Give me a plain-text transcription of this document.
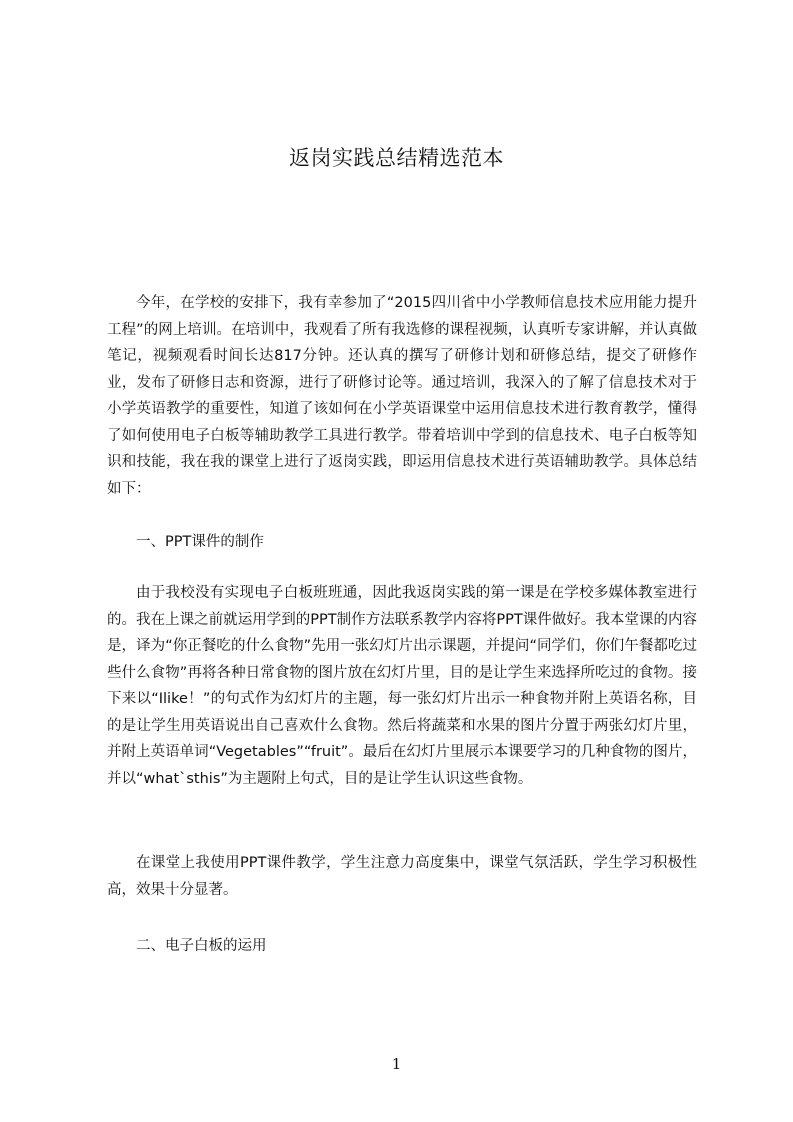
返岗实践总结精选范本

今年，在学校的安排下，我有幸参加了“2015四川省中小学教师信息技术应用能力提升工程”的网上培训。在培训中，我观看了所有我选修的课程视频，认真听专家讲解，并认真做笔记，视频观看时间长达817分钟。还认真的撰写了研修计划和研修总结，提交了研修作业，发布了研修日志和资源，进行了研修讨论等。通过培训，我深入的了解了信息技术对于小学英语教学的重要性，知道了该如何在小学英语课堂中运用信息技术进行教育教学，懂得了如何使用电子白板等辅助教学工具进行教学。带着培训中学到的信息技术、电子白板等知识和技能，我在我的课堂上进行了返岗实践，即运用信息技术进行英语辅助教学。具体总结如下：

一、PPT课件的制作

由于我校没有实现电子白板班班通，因此我返岗实践的第一课是在学校多媒体教室进行的。我在上课之前就运用学到的PPT制作方法联系教学内容将PPT课件做好。我本堂课的内容是，译为“你正餐吃的什么食物”先用一张幻灯片出示课题，并提问“同学们，你们午餐都吃过些什么食物”再将各种日常食物的图片放在幻灯片里，目的是让学生来选择所吃过的食物。接下来以“Ilike！”的句式作为幻灯片的主题，每一张幻灯片出示一种食物并附上英语名称，目的是让学生用英语说出自己喜欢什么食物。然后将蔬菜和水果的图片分置于两张幻灯片里，并附上英语单词“Vegetables”“fruit”。最后在幻灯片里展示本课要学习的几种食物的图片，并以“what`sthis”为主题附上句式，目的是让学生认识这些食物。

在课堂上我使用PPT课件教学，学生注意力高度集中，课堂气氛活跃，学生学习积极性高，效果十分显著。

二、电子白板的运用

1
